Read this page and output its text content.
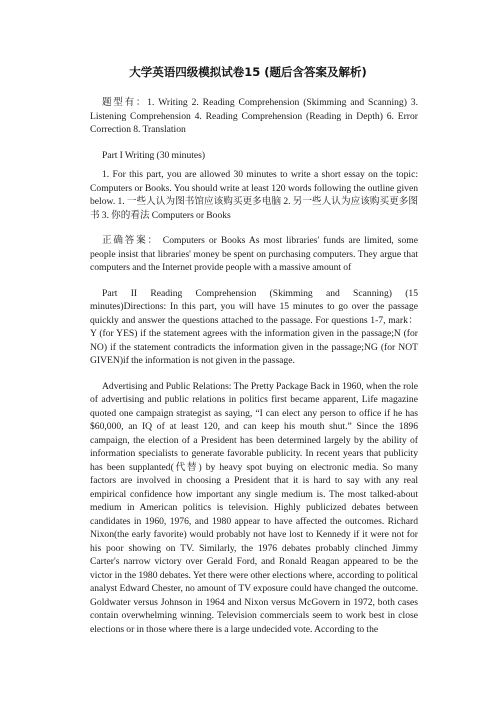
大学英语四级模拟试卷15 (题后含答案及解析)

题型有：1. Writing 2. Reading Comprehension (Skimming and Scanning) 3. Listening Comprehension 4. Reading Comprehension (Reading in Depth) 6. Error Correction 8. Translation

Part I Writing (30 minutes)

1. For this part, you are allowed 30 minutes to write a short essay on the topic: Computers or Books. You should write at least 120 words following the outline given below. 1. 一些人认为图书馆应该购买更多电脑 2. 另一些人认为应该购买更多图书 3. 你的看法 Computers or Books

正确答案： Computers or Books As most libraries' funds are limited, some people insist that libraries' money be spent on purchasing computers. They argue that computers and the Internet provide people with a massive amount of

Part II Reading Comprehension (Skimming and Scanning) (15 minutes)Directions: In this part, you will have 15 minutes to go over the passage quickly and answer the questions attached to the passage. For questions 1-7, mark：Y (for YES) if the statement agrees with the information given in the passage;N (for NO) if the statement contradicts the information given in the passage;NG (for NOT GIVEN)if the information is not given in the passage.

Advertising and Public Relations: The Pretty Package Back in 1960, when the role of advertising and public relations in politics first became apparent, Life magazine quoted one campaign strategist as saying, “I can elect any person to office if he has $60,000, an IQ of at least 120, and can keep his mouth shut.” Since the 1896 campaign, the election of a President has been determined largely by the ability of information specialists to generate favorable publicity. In recent years that publicity has been supplanted(代替) by heavy spot buying on electronic media. So many factors are involved in choosing a President that it is hard to say with any real empirical confidence how important any single medium is. The most talked-about medium in American politics is television. Highly publicized debates between candidates in 1960, 1976, and 1980 appear to have affected the outcomes. Richard Nixon(the early favorite) would probably not have lost to Kennedy if it were not for his poor showing on TV. Similarly, the 1976 debates probably clinched Jimmy Carter's narrow victory over Gerald Ford, and Ronald Reagan appeared to be the victor in the 1980 debates. Yet there were other elections where, according to political analyst Edward Chester, no amount of TV exposure could have changed the outcome. Goldwater versus Johnson in 1964 and Nixon versus McGovern in 1972, both cases contain overwhelming winning. Television commercials seem to work best in close elections or in those where there is a large undecided vote. According to the
